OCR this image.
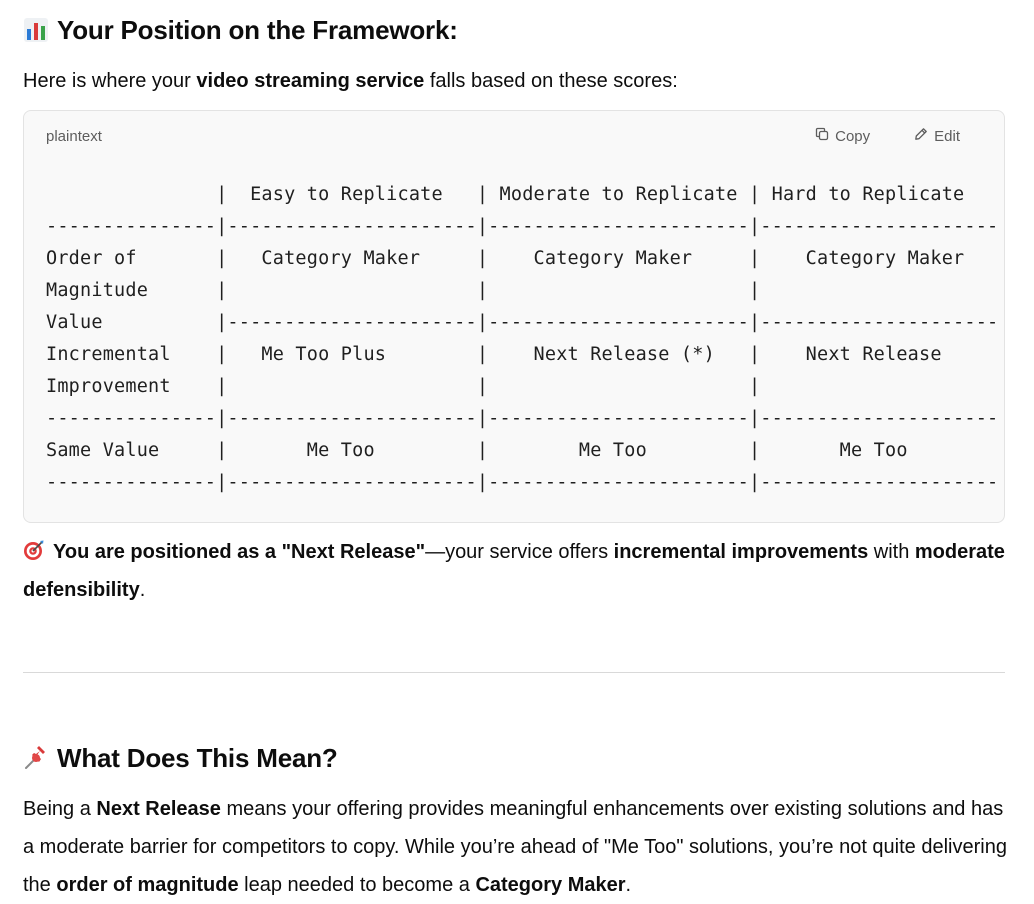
Your Position on the Framework:

Here is where your video streaming service falls based on these scores:

plaintext	Copy	Edit
|  Easy to Replicate   | Moderate to Replicate | Hard to Replicate
---------------|----------------------|-----------------------|---------------------
Order of       |   Category Maker     |    Category Maker     |    Category Maker
Magnitude      |                      |                       |
Value          |----------------------|-----------------------|---------------------
Incremental    |   Me Too Plus        |    Next Release (*)   |    Next Release
Improvement    |                      |                       |
---------------|----------------------|-----------------------|---------------------
Same Value     |       Me Too         |        Me Too         |       Me Too
---------------|----------------------|-----------------------|---------------------

You are positioned as a "Next Release"—your service offers incremental improvements with moderate defensibility.

What Does This Mean?

Being a Next Release means your offering provides meaningful enhancements over existing solutions and has a moderate barrier for competitors to copy. While you’re ahead of "Me Too" solutions, you’re not quite delivering the order of magnitude leap needed to become a Category Maker.
